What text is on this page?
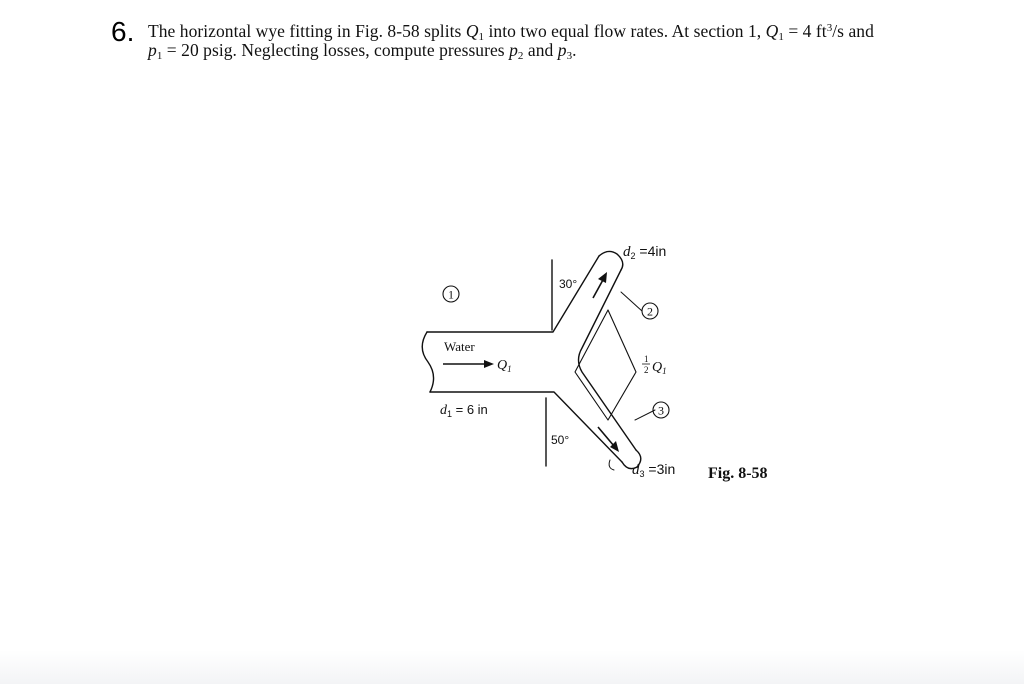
6. The horizontal wye fitting in Fig. 8-58 splits $Q_1$ into two equal flow rates. At section 1, $Q_1 = 4$ $ft^3/s$ and
$p_1 = 20$ psig. Neglecting losses, compute pressures $p_2$ and $p_3$.
1
2
3
Water
$Q_1$
30°
50°
1
2 $Q_1$
$d_1 = 6$ in
$d_2 =4in$
$d_3 =3in$ Fig. 8-58
